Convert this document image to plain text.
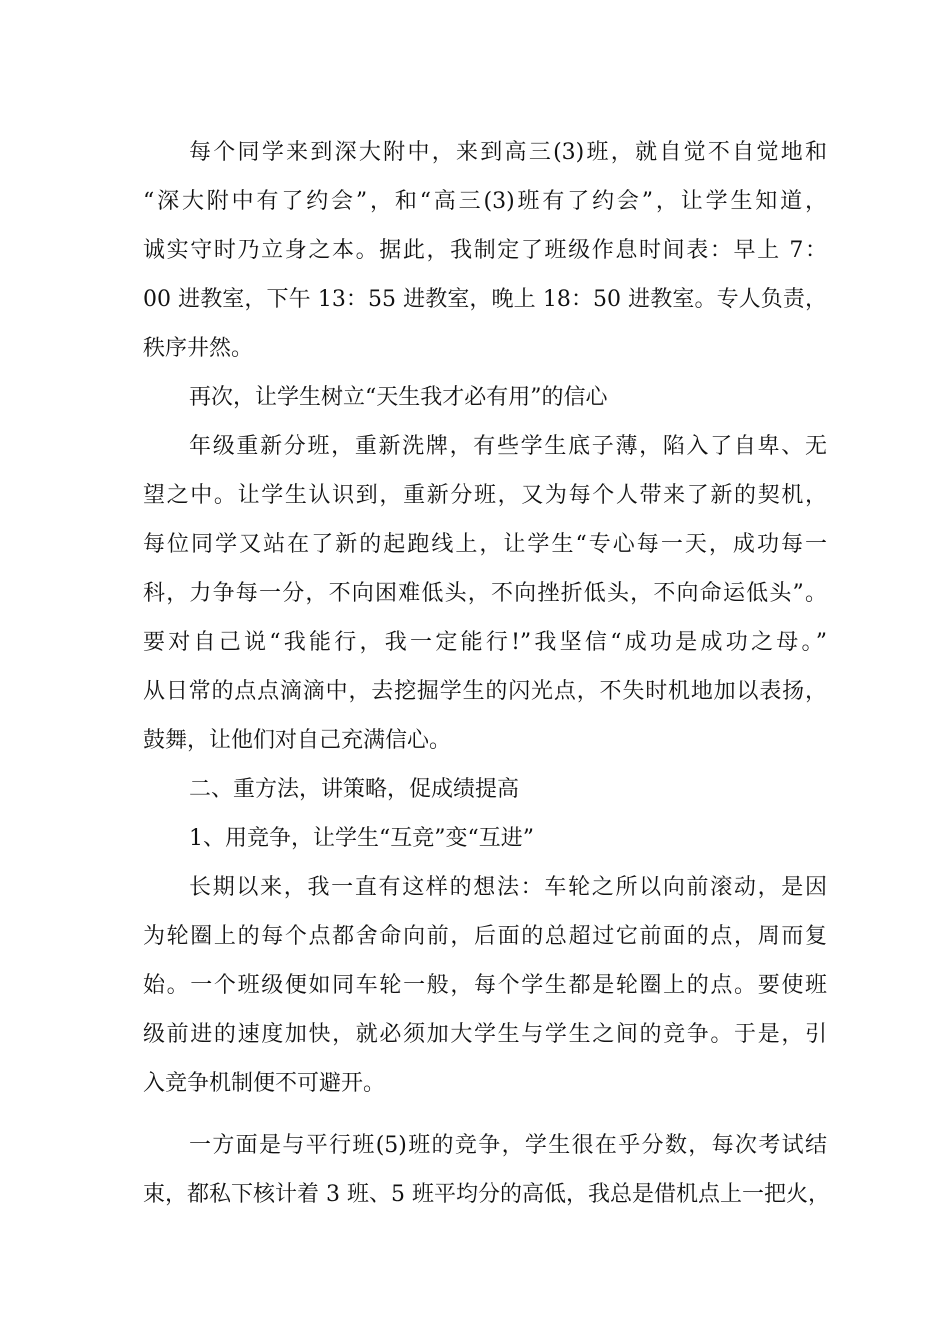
每个同学来到深大附中，来到高三(3)班，就自觉不自觉地和

“深大附中有了约会”，和“高三(3)班有了约会”，让学生知道，

诚实守时乃立身之本。据此，我制定了班级作息时间表：早上 7：

00 进教室，下午 13：55 进教室，晚上 18：50 进教室。专人负责，

秩序井然。

再次，让学生树立“天生我才必有用”的信心

年级重新分班，重新洗牌，有些学生底子薄，陷入了自卑、无

望之中。让学生认识到，重新分班，又为每个人带来了新的契机，

每位同学又站在了新的起跑线上，让学生“专心每一天，成功每一

科，力争每一分，不向困难低头，不向挫折低头，不向命运低头”。

要对自己说“我能行，我一定能行!”我坚信“成功是成功之母。”

从日常的点点滴滴中，去挖掘学生的闪光点，不失时机地加以表扬，

鼓舞，让他们对自己充满信心。

二、重方法，讲策略，促成绩提高

1、用竞争，让学生“互竞”变“互进”

长期以来，我一直有这样的想法：车轮之所以向前滚动，是因

为轮圈上的每个点都舍命向前，后面的总超过它前面的点，周而复

始。一个班级便如同车轮一般，每个学生都是轮圈上的点。要使班

级前进的速度加快，就必须加大学生与学生之间的竞争。于是，引

入竞争机制便不可避开。

一方面是与平行班(5)班的竞争，学生很在乎分数，每次考试结

束，都私下核计着 3 班、5 班平均分的高低，我总是借机点上一把火，
